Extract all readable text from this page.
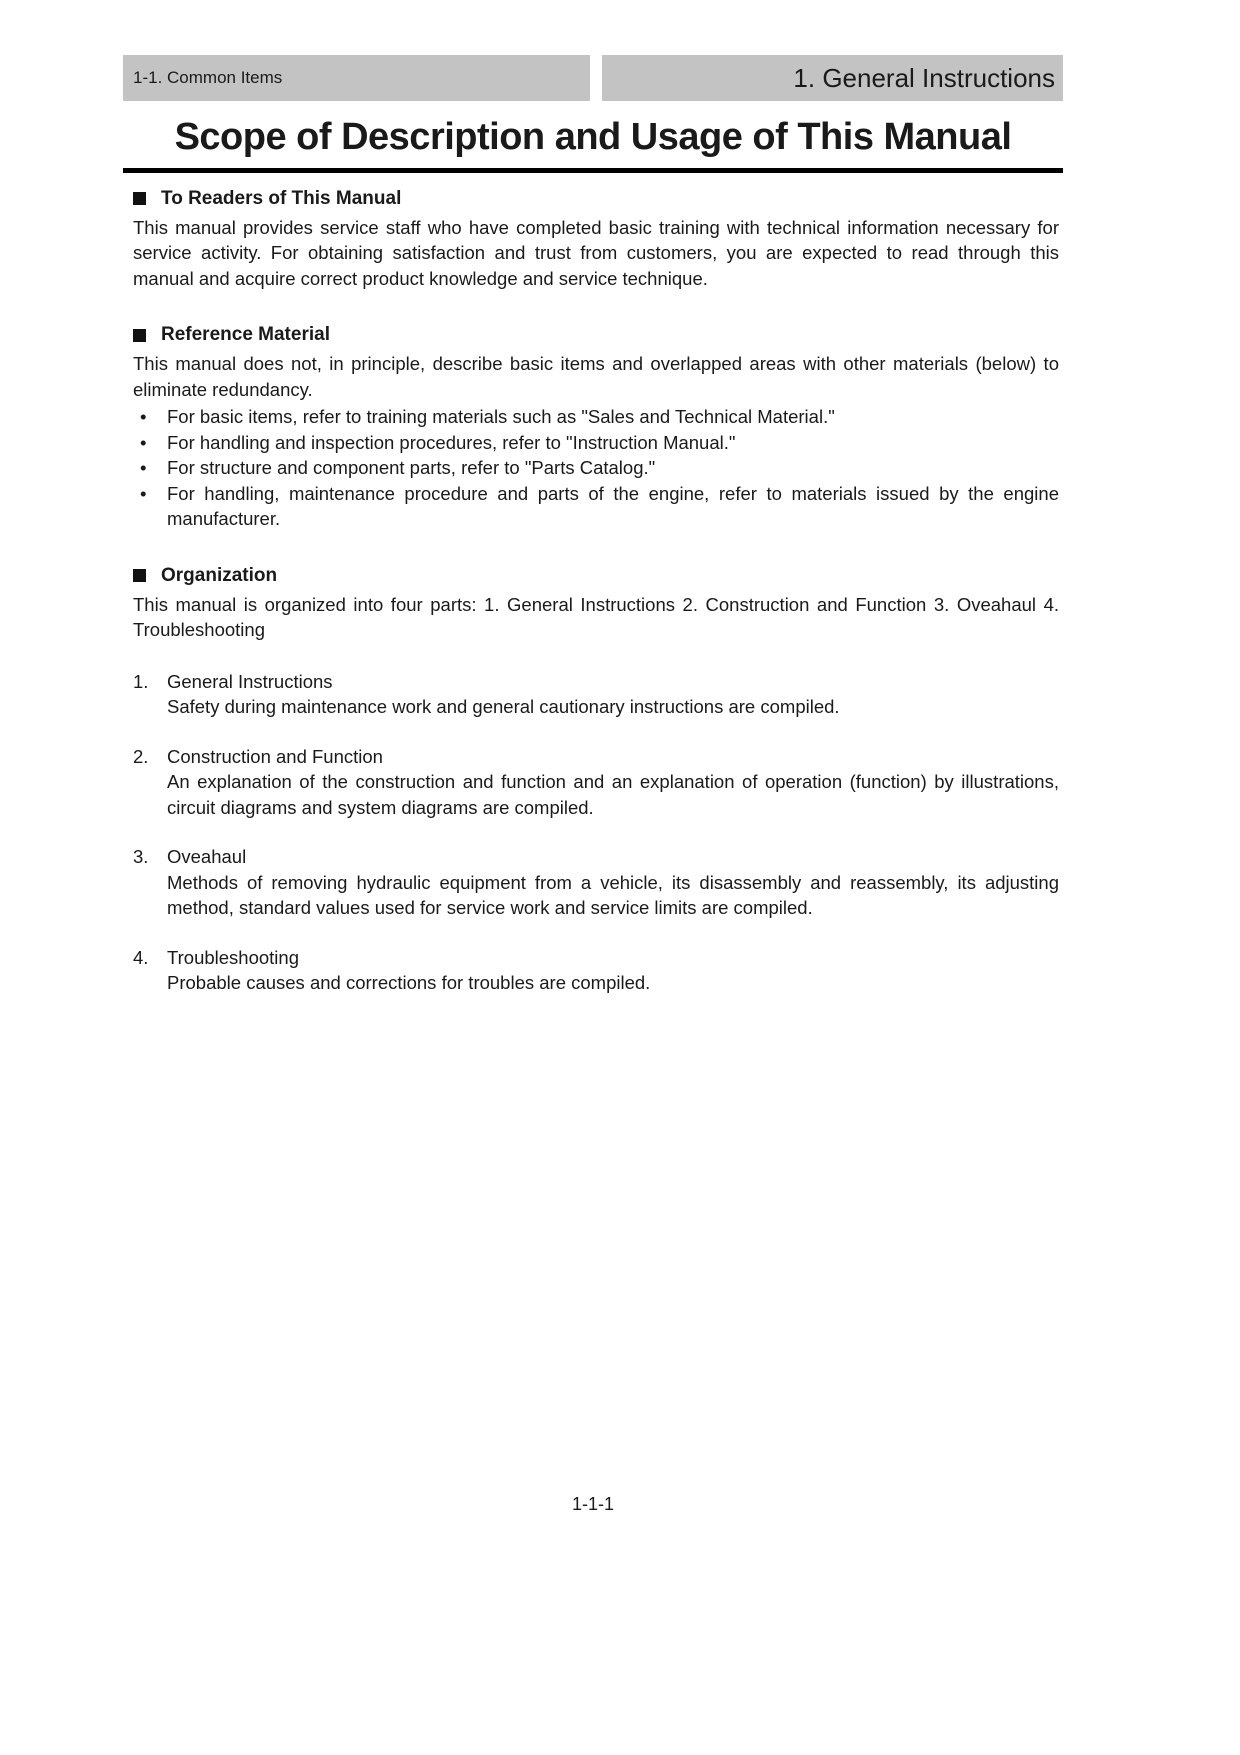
1-1. Common Items	1. General Instructions
Scope of Description and Usage of This Manual
To Readers of This Manual

This manual provides service staff who have completed basic training with technical information necessary for service activity. For obtaining satisfaction and trust from customers, you are expected to read through this manual and acquire correct product knowledge and service technique.

Reference Material

This manual does not, in principle, describe basic items and overlapped areas with other materials (below) to eliminate redundancy.

•	For basic items, refer to training materials such as "Sales and Technical Material."
•	For handling and inspection procedures, refer to "Instruction Manual."
•	For structure and component parts, refer to "Parts Catalog."
•	For handling, maintenance procedure and parts of the engine, refer to materials issued by the engine manufacturer.
Organization

This manual is organized into four parts: 1. General Instructions 2. Construction and Function 3. Oveahaul 4. Troubleshooting

1.	General Instructions
Safety during maintenance work and general cautionary instructions are compiled.
2.	Construction and Function
An explanation of the construction and function and an explanation of operation (function) by illustrations, circuit diagrams and system diagrams are compiled.
3.	Oveahaul
Methods of removing hydraulic equipment from a vehicle, its disassembly and reassembly, its adjusting method, standard values used for service work and service limits are compiled.
4.	Troubleshooting
Probable causes and corrections for troubles are compiled.
1-1-1
